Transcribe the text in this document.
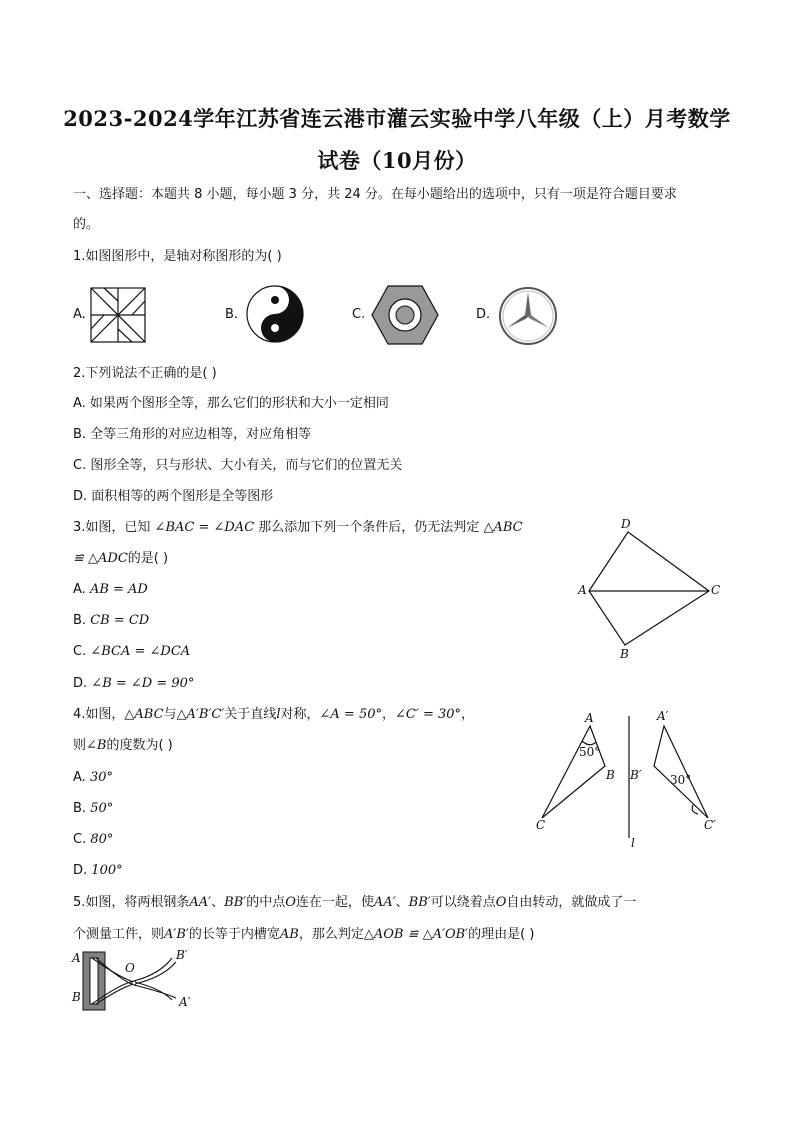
2023-2024学年江苏省连云港市灌云实验中学八年级（上）月考数学
试卷（10月份）
一、选择题：本题共 8 小题，每小题 3 分，共 24 分。在每小题给出的选项中，只有一项是符合题目要求
的。
1.如图图形中，是轴对称图形的为( )
A.	B.	C.	D.
2.下列说法不正确的是( )
A. 如果两个图形全等，那么它们的形状和大小一定相同
B. 全等三角形的对应边相等，对应角相等
C. 图形全等，只与形状、大小有关，而与它们的位置无关
D. 面积相等的两个图形是全等图形
3.如图，已知 ∠BAC = ∠DAC 那么添加下列一个条件后，仍无法判定 △ABC
≌ △ADC的是( )
A. AB = AD
B. CB = CD
C. ∠BCA = ∠DCA
D. ∠B = ∠D = 90°
D
A	C
B
4.如图，△ABC与△A′B′C′关于直线l对称，∠A = 50°，∠C′ = 30°，
则∠B的度数为( )
A. 30°
B. 50°
C. 80°
D. 100°
A
50°
B
C
l
A′
B′ 30°
C′
5.如图，将两根钢条AA′、BB′的中点O连在一起，使AA′、BB′可以绕着点O自由转动，就做成了一
个测量工件，则A′B′的长等于内槽宽AB，那么判定△AOB ≌ △A′OB′的理由是( )
A
B
O
B′
A′
